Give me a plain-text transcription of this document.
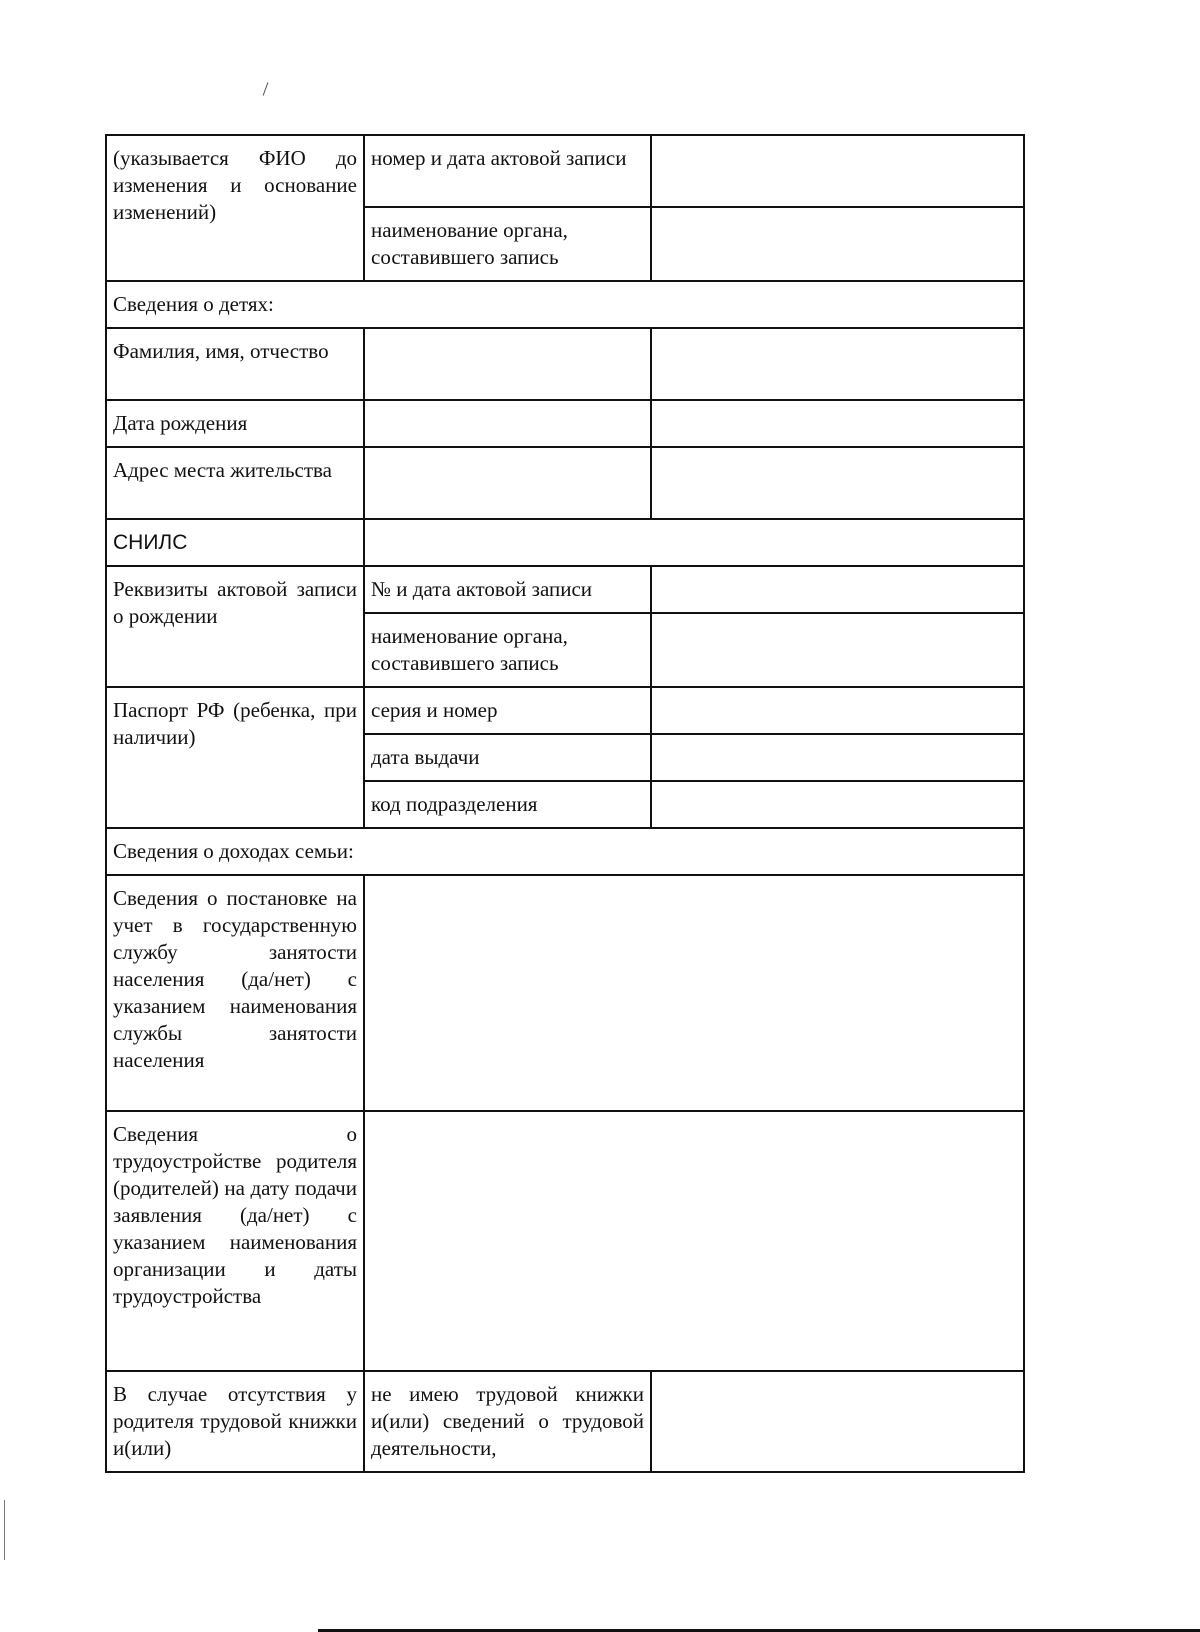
(указывается ФИО до изменения и основание изменений)	номер и дата актовой записи	
	наименование органа, составившего запись	
Сведения о детях:		
Фамилия, имя, отчество		
Дата рождения		
Адрес места жительства		
СНИЛС		
Реквизиты актовой записи о рождении	№ и дата актовой записи	
	наименование органа, составившего запись	
Паспорт РФ (ребенка, при наличии)	серия и номер	
	дата выдачи	
	код подразделения	
Сведения о доходах семьи:		
Сведения о постановке на учет в государственную службу занятости населения (да/нет) с указанием наименования службы занятости населения		
Сведения о трудоустройстве родителя (родителей) на дату подачи заявления (да/нет) с указанием наименования организации и даты трудоустройства		
В случае отсутствия у родителя трудовой книжки и(или)	не имею трудовой книжки и(или) сведений о трудовой деятельности,	
